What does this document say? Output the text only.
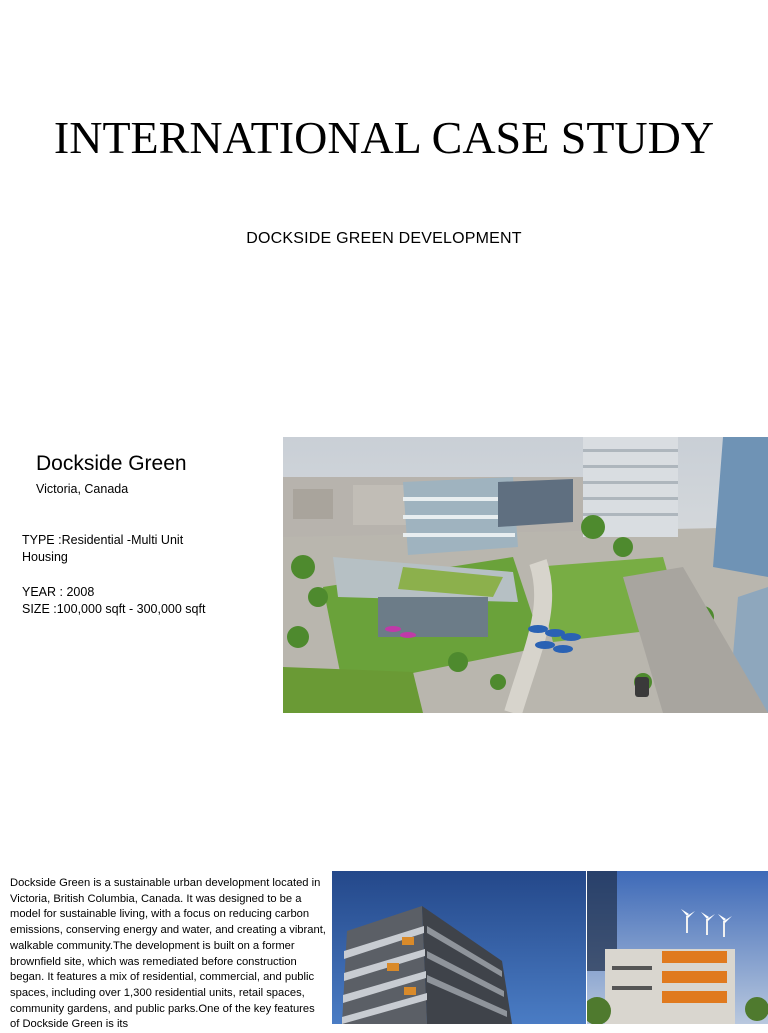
INTERNATIONAL CASE STUDY
DOCKSIDE GREEN DEVELOPMENT
Dockside Green
Victoria, Canada
TYPE :Residential -Multi Unit Housing
YEAR : 2008
SIZE :100,000 sqft - 300,000 sqft
Dockside Green is a sustainable urban development located in Victoria, British Columbia, Canada. It was designed to be a model for sustainable living, with a focus on reducing carbon emissions, conserving energy and water, and creating a vibrant, walkable community.The development is built on a former brownfield site, which was remediated before construction began. It features a mix of residential, commercial, and public spaces, including over 1,300 residential units, retail spaces, community gardens, and public parks.One of the key features of Dockside Green is its
